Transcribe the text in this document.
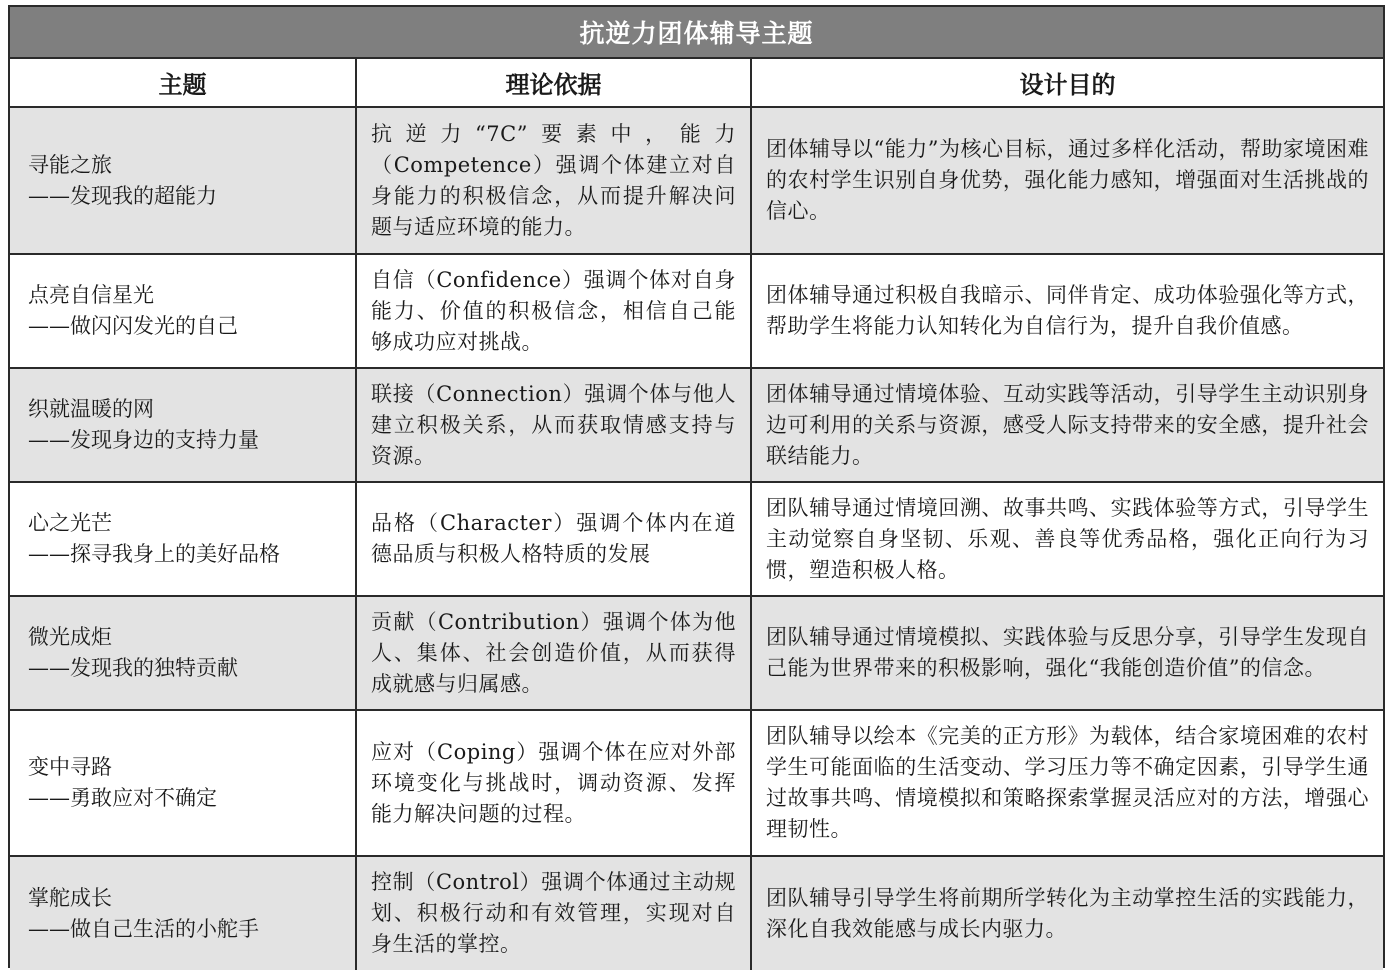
抗逆力团体辅导主题		
主题	理论依据	设计目的

寻能之旅
——发现我的超能力	抗逆力“7C”要素中，能力（Competence）强调个体建立对自身能力的积极信念，从而提升解决问题与适应环境的能力。	团体辅导以“能力”为核心目标，通过多样化活动，帮助家境困难的农村学生识别自身优势，强化能力感知，增强面对生活挑战的信心。

点亮自信星光
——做闪闪发光的自己	自信（Confidence）强调个体对自身能力、价值的积极信念，相信自己能够成功应对挑战。	团体辅导通过积极自我暗示、同伴肯定、成功体验强化等方式，帮助学生将能力认知转化为自信行为，提升自我价值感。

织就温暖的网
——发现身边的支持力量	联接（Connection）强调个体与他人建立积极关系，从而获取情感支持与资源。	团体辅导通过情境体验、互动实践等活动，引导学生主动识别身边可利用的关系与资源，感受人际支持带来的安全感，提升社会联结能力。

心之光芒
——探寻我身上的美好品格	品格（Character）强调个体内在道德品质与积极人格特质的发展	团队辅导通过情境回溯、故事共鸣、实践体验等方式，引导学生主动觉察自身坚韧、乐观、善良等优秀品格，强化正向行为习惯，塑造积极人格。

微光成炬
——发现我的独特贡献	贡献（Contribution）强调个体为他人、集体、社会创造价值，从而获得成就感与归属感。	团队辅导通过情境模拟、实践体验与反思分享，引导学生发现自己能为世界带来的积极影响，强化“我能创造价值”的信念。

变中寻路
——勇敢应对不确定	应对（Coping）强调个体在应对外部环境变化与挑战时，调动资源、发挥能力解决问题的过程。	团队辅导以绘本《完美的正方形》为载体，结合家境困难的农村学生可能面临的生活变动、学习压力等不确定因素，引导学生通过故事共鸣、情境模拟和策略探索掌握灵活应对的方法，增强心理韧性。

掌舵成长
——做自己生活的小舵手	控制（Control）强调个体通过主动规划、积极行动和有效管理，实现对自身生活的掌控。	团队辅导引导学生将前期所学转化为主动掌控生活的实践能力，深化自我效能感与成长内驱力。
